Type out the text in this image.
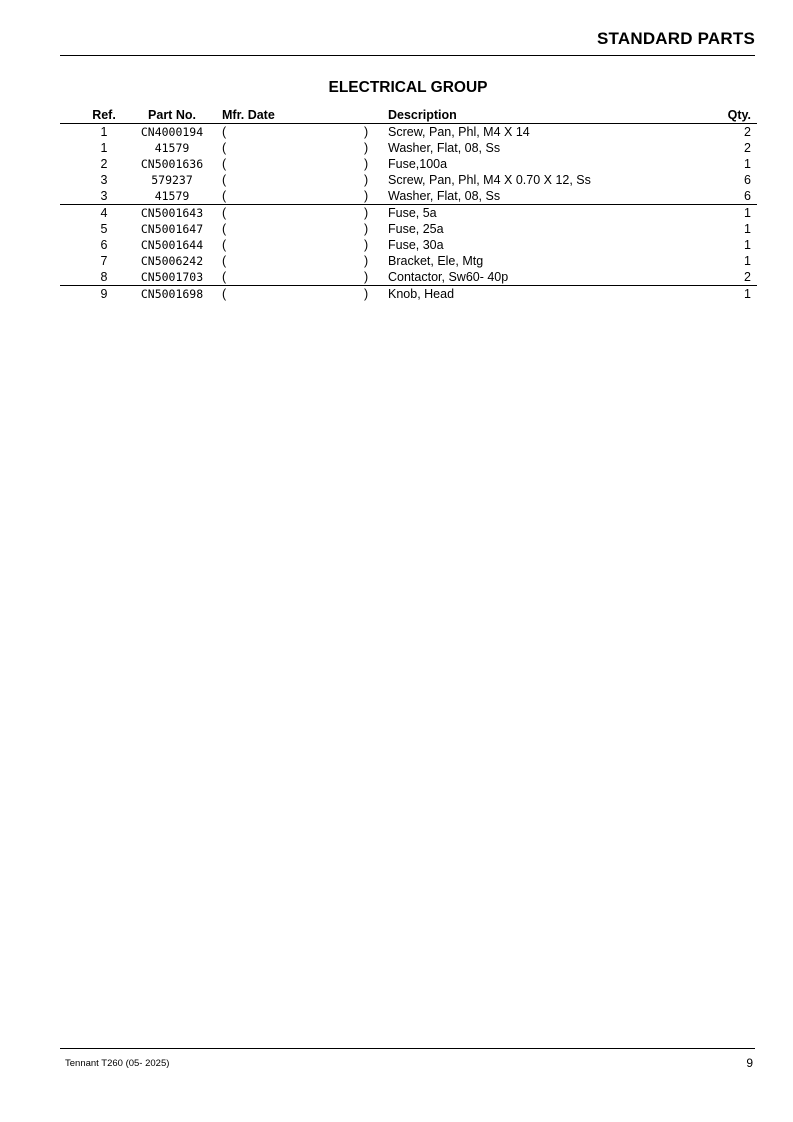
STANDARD PARTS
ELECTRICAL GROUP
Ref.	Part No.	Mfr. Date	Description	Qty.
1	CN4000194	(	) Screw, Pan, Phl, M4 X 14	2
1	41579	(	) Washer, Flat, 08, Ss	2
2	CN5001636	(	) Fuse,100a	1
3	579237	(	) Screw, Pan, Phl, M4 X 0.70 X 12, Ss	6
3	41579	(	) Washer, Flat, 08, Ss	6
4	CN5001643	(	) Fuse, 5a	1
5	CN5001647	(	) Fuse, 25a	1
6	CN5001644	(	) Fuse, 30a	1
7	CN5006242	(	) Bracket, Ele, Mtg	1
8	CN5001703	(	) Contactor, Sw60- 40p	2
9	CN5001698	(	) Knob, Head	1
Tennant T260 (05- 2025)	9
